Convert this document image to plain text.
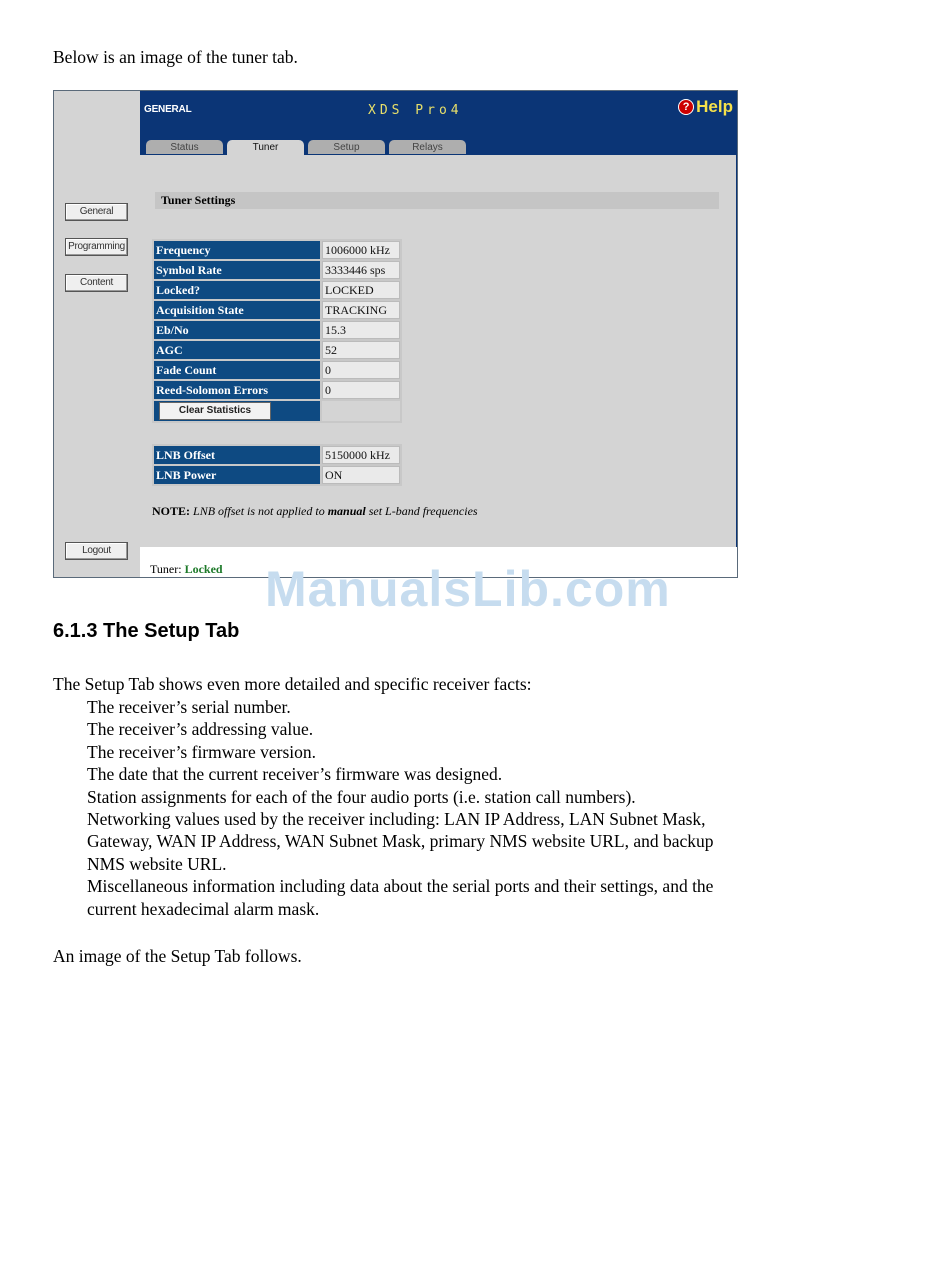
Below is an image of the tuner tab.

General
Programming
Content
Logout
GENERAL	XDS Pro4	? Help
Status	Tuner	Setup	Relays
Tuner Settings
Frequency	1006000 kHz
Symbol Rate	3333446 sps
Locked?	LOCKED
Acquisition State	TRACKING
Eb/No	15.3
AGC	52
Fade Count	0
Reed-Solomon Errors	0

Clear Statistics	

LNB Offset	5150000 kHz
LNB Power	ON
NOTE: LNB offset is not applied to manual set L-band frequencies
Tuner: Locked ManualsLib.com
6.1.3 The Setup Tab

The Setup Tab shows even more detailed and specific receiver facts:

The receiver’s serial number.
The receiver’s addressing value.
The receiver’s firmware version.
The date that the current receiver’s firmware was designed.
Station assignments for each of the four audio ports (i.e. station call numbers).
Networking values used by the receiver including: LAN IP Address, LAN Subnet Mask, Gateway, WAN IP Address, WAN Subnet Mask, primary NMS website URL, and backup NMS website URL.
Miscellaneous information including data about the serial ports and their settings, and the current hexadecimal alarm mask.

An image of the Setup Tab follows.
